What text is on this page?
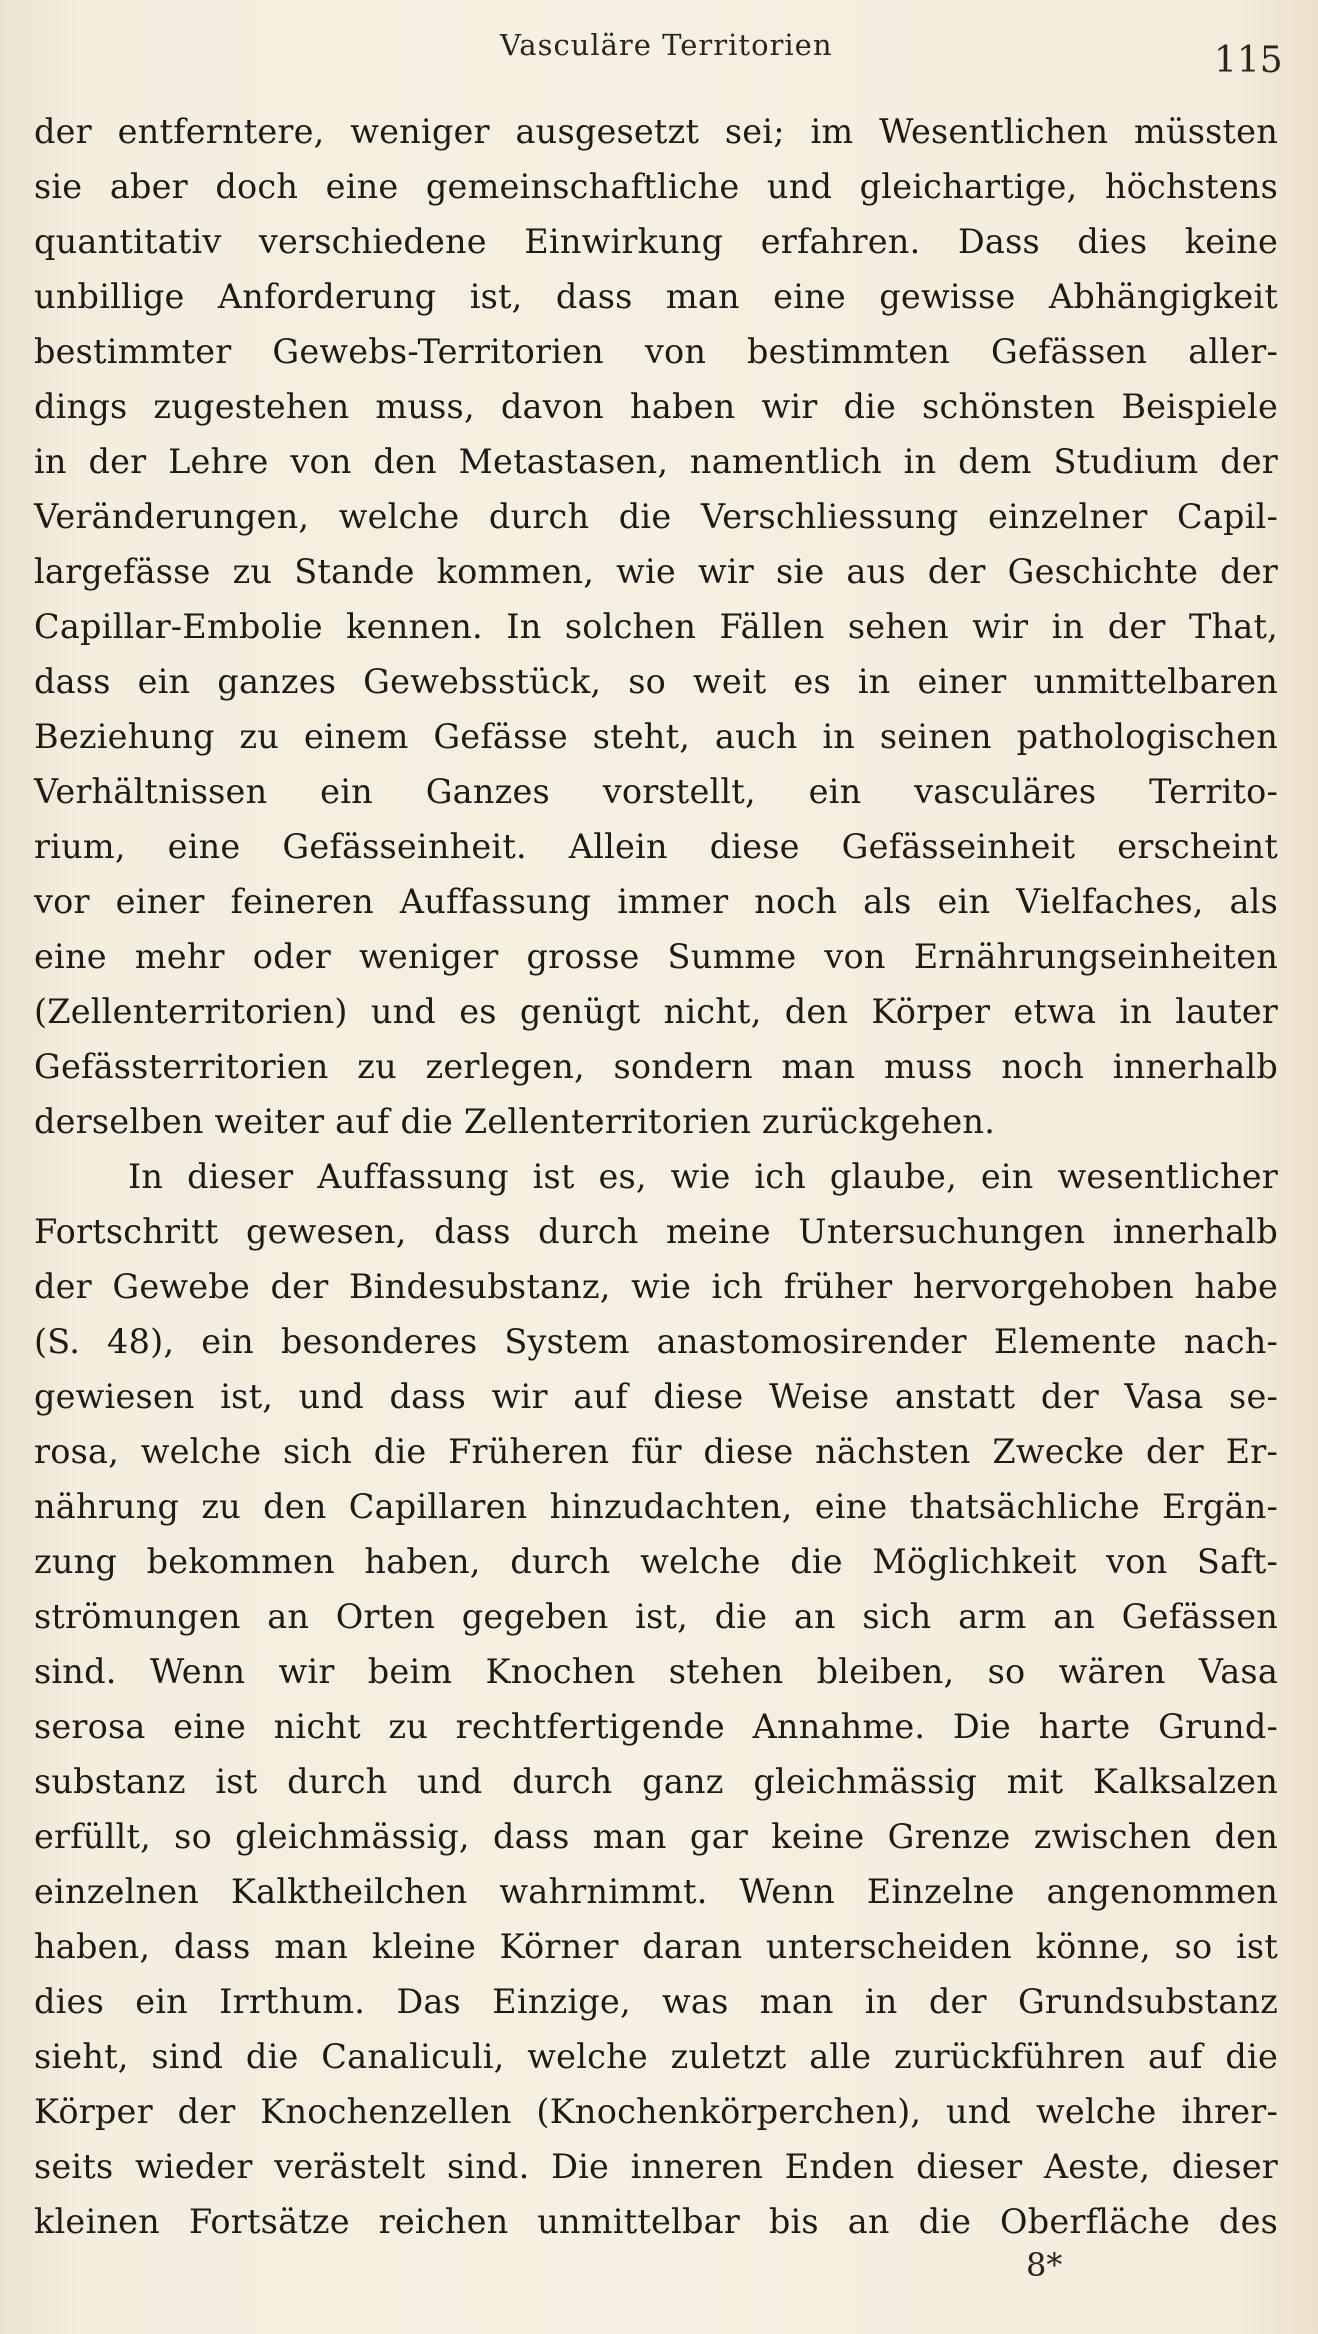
Vasculäre Territorien	115
der entferntere, weniger ausgesetzt sei; im Wesentlichen müssten
sie aber doch eine gemeinschaftliche und gleichartige, höchstens
quantitativ verschiedene Einwirkung erfahren. Dass dies keine
unbillige Anforderung ist, dass man eine gewisse Abhängigkeit
bestimmter Gewebs-Territorien von bestimmten Gefässen aller-
dings zugestehen muss, davon haben wir die schönsten Beispiele
in der Lehre von den Metastasen, namentlich in dem Studium der
Veränderungen, welche durch die Verschliessung einzelner Capil-
largefässe zu Stande kommen, wie wir sie aus der Geschichte der
Capillar-Embolie kennen. In solchen Fällen sehen wir in der That,
dass ein ganzes Gewebsstück, so weit es in einer unmittelbaren
Beziehung zu einem Gefässe steht, auch in seinen pathologischen
Verhältnissen ein Ganzes vorstellt, ein vasculäres Territo-
rium, eine Gefässeinheit. Allein diese Gefässeinheit erscheint
vor einer feineren Auffassung immer noch als ein Vielfaches, als
eine mehr oder weniger grosse Summe von Ernährungseinheiten
(Zellenterritorien) und es genügt nicht, den Körper etwa in lauter
Gefässterritorien zu zerlegen, sondern man muss noch innerhalb
derselben weiter auf die Zellenterritorien zurückgehen.
In dieser Auffassung ist es, wie ich glaube, ein wesentlicher
Fortschritt gewesen, dass durch meine Untersuchungen innerhalb
der Gewebe der Bindesubstanz, wie ich früher hervorgehoben habe
(S. 48), ein besonderes System anastomosirender Elemente nach-
gewiesen ist, und dass wir auf diese Weise anstatt der Vasa se-
rosa, welche sich die Früheren für diese nächsten Zwecke der Er-
nährung zu den Capillaren hinzudachten, eine thatsächliche Ergän-
zung bekommen haben, durch welche die Möglichkeit von Saft-
strömungen an Orten gegeben ist, die an sich arm an Gefässen
sind. Wenn wir beim Knochen stehen bleiben, so wären Vasa
serosa eine nicht zu rechtfertigende Annahme. Die harte Grund-
substanz ist durch und durch ganz gleichmässig mit Kalksalzen
erfüllt, so gleichmässig, dass man gar keine Grenze zwischen den
einzelnen Kalktheilchen wahrnimmt. Wenn Einzelne angenommen
haben, dass man kleine Körner daran unterscheiden könne, so ist
dies ein Irrthum. Das Einzige, was man in der Grundsubstanz
sieht, sind die Canaliculi, welche zuletzt alle zurückführen auf die
Körper der Knochenzellen (Knochenkörperchen), und welche ihrer-
seits wieder verästelt sind. Die inneren Enden dieser Aeste, dieser
kleinen Fortsätze reichen unmittelbar bis an die Oberfläche des
8*
